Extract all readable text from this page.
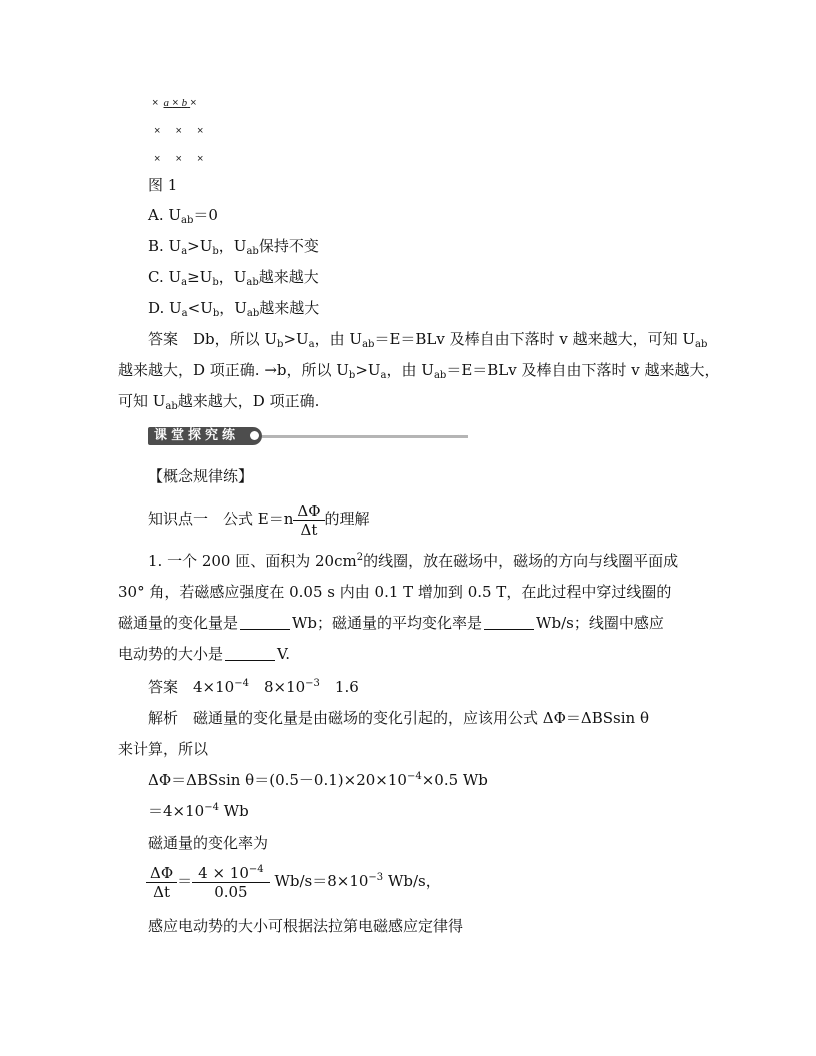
× a × b ×
× × ×
× × ×
图 1
A. $U_{ab}=0$
B. $U_a>U_b$，$U_{ab}$保持不变
C. $U_a\ge U_b$，$U_{ab}$越来越大
D. $U_a<U_b$，$U_{ab}$越来越大
答案　Db，所以 $U_b>U_a$，由 $U_{ab}=E=BLv$ 及棒自由下落时 v 越来越大，可知 $U_{ab}$
越来越大，D 项正确. →b，所以 $U_b>U_a$，由 $U_{ab}=E=BLv$ 及棒自由下落时 v 越来越大，
可知 $U_{ab}$越来越大，D 项正确.
课堂探究练
【概念规律练】
知识点一　公式 $E=n \frac{\Delta\Phi}{\Delta t}$ 的理解
1. 一个 200 匝、面积为 $20cm^2$的线圈，放在磁场中，磁场的方向与线圈平面成
30° 角，若磁感应强度在 0.05 s 内由 0.1 T 增加到 0.5 T，在此过程中穿过线圈的
磁通量的变化量是	Wb；磁通量的平均变化率是	Wb/s；线圈中感应
电动势的大小是	V.
答案　$4\times 10^{-4}$　$8\times 10^{-3}$　1.6
解析　磁通量的变化量是由磁场的变化引起的，应该用公式 ΔΦ＝ΔBSsin θ
来计算，所以
ΔΦ＝ΔBSsin $\theta=(0.5-0.1)\times 20\times 10^{-4}\times 0.5$ Wb
$=4\times 10^{-4}$ Wb
磁通量的变化率为
$\frac{\Delta\Phi}{\Delta t} = \frac{4 \times 10^{-4}}{0.05} Wb/s=8\times 10^{-3}$ Wb/s，
感应电动势的大小可根据法拉第电磁感应定律得
